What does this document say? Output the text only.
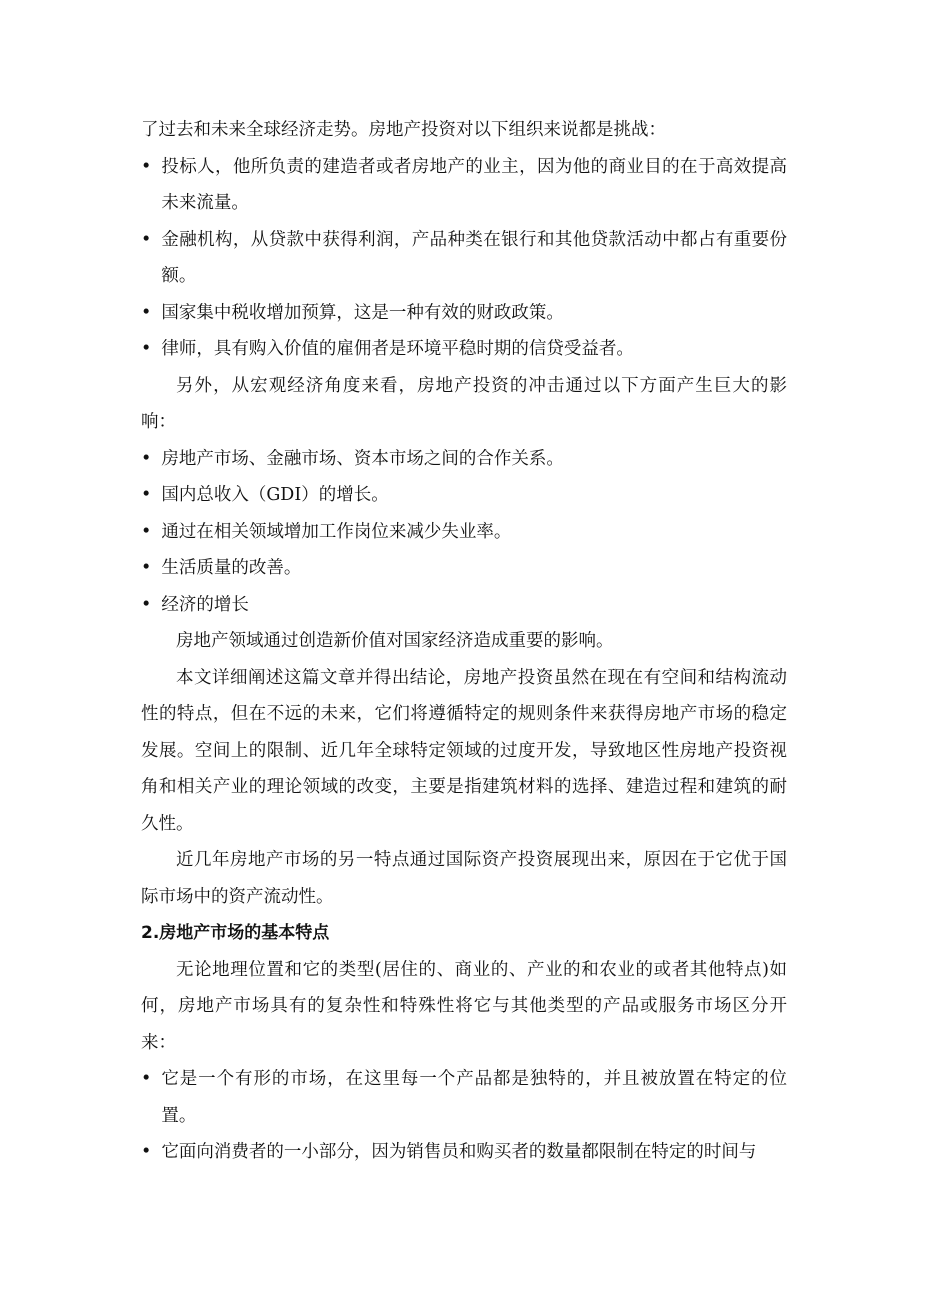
了过去和未来全球经济走势。房地产投资对以下组织来说都是挑战：

• 投标人，他所负责的建造者或者房地产的业主，因为他的商业目的在于高效提高未来流量。

• 金融机构，从贷款中获得利润，产品种类在银行和其他贷款活动中都占有重要份额。

• 国家集中税收增加预算，这是一种有效的财政政策。

• 律师，具有购入价值的雇佣者是环境平稳时期的信贷受益者。

另外，从宏观经济角度来看，房地产投资的冲击通过以下方面产生巨大的影响：

• 房地产市场、金融市场、资本市场之间的合作关系。

• 国内总收入（GDI）的增长。

• 通过在相关领域增加工作岗位来减少失业率。

• 生活质量的改善。

• 经济的增长

房地产领域通过创造新价值对国家经济造成重要的影响。

本文详细阐述这篇文章并得出结论，房地产投资虽然在现在有空间和结构流动性的特点，但在不远的未来，它们将遵循特定的规则条件来获得房地产市场的稳定发展。空间上的限制、近几年全球特定领域的过度开发，导致地区性房地产投资视角和相关产业的理论领域的改变，主要是指建筑材料的选择、建造过程和建筑的耐久性。

近几年房地产市场的另一特点通过国际资产投资展现出来，原因在于它优于国际市场中的资产流动性。

2.房地产市场的基本特点

无论地理位置和它的类型(居住的、商业的、产业的和农业的或者其他特点)如何，房地产市场具有的复杂性和特殊性将它与其他类型的产品或服务市场区分开来：

• 它是一个有形的市场，在这里每一个产品都是独特的，并且被放置在特定的位置。

• 它面向消费者的一小部分，因为销售员和购买者的数量都限制在特定的时间与
